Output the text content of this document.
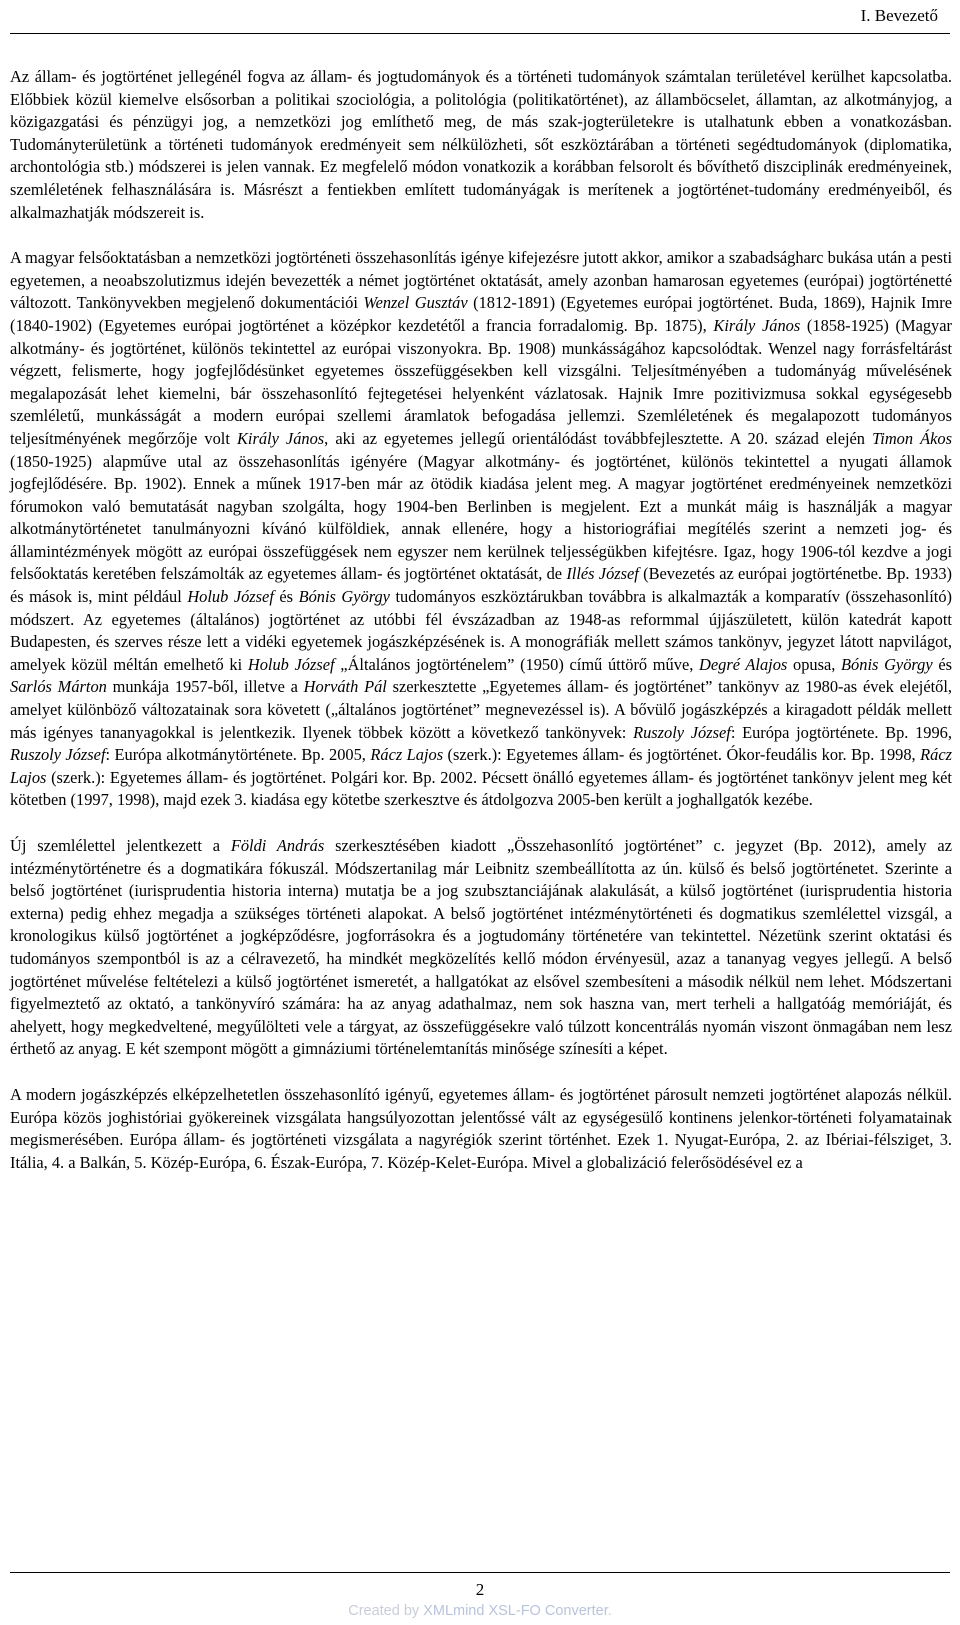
I. Bevezető

Az állam- és jogtörténet jellegénél fogva az állam- és jogtudományok és a történeti tudományok számtalan területével kerülhet kapcsolatba. Előbbiek közül kiemelve elsősorban a politikai szociológia, a politológia (politikatörténet), az államböcselet, államtan, az alkotmányjog, a közigazgatási és pénzügyi jog, a nemzetközi jog említhető meg, de más szak-jogterületekre is utalhatunk ebben a vonatkozásban. Tudományterületünk a történeti tudományok eredményeit sem nélkülözheti, sőt eszköztárában a történeti segédtudományok (diplomatika, archontológia stb.) módszerei is jelen vannak. Ez megfelelő módon vonatkozik a korábban felsorolt és bővíthető diszciplinák eredményeinek, szemléletének felhasználására is. Másrészt a fentiekben említett tudományágak is merítenek a jogtörténet-tudomány eredményeiből, és alkalmazhatják módszereit is.

A magyar felsőoktatásban a nemzetközi jogtörténeti összehasonlítás igénye kifejezésre jutott akkor, amikor a szabadságharc bukása után a pesti egyetemen, a neoabszolutizmus idején bevezették a német jogtörténet oktatását, amely azonban hamarosan egyetemes (európai) jogtörténetté változott. Tankönyvekben megjelenő dokumentációi Wenzel Gusztáv (1812-1891) (Egyetemes európai jogtörténet. Buda, 1869), Hajnik Imre (1840-1902) (Egyetemes európai jogtörténet a középkor kezdetétől a francia forradalomig. Bp. 1875), Király János (1858-1925) (Magyar alkotmány- és jogtörténet, különös tekintettel az európai viszonyokra. Bp. 1908) munkásságához kapcsolódtak. Wenzel nagy forrásfeltárást végzett, felismerte, hogy jogfejlődésünket egyetemes összefüggésekben kell vizsgálni. Teljesítményében a tudományág művelésének megalapozását lehet kiemelni, bár összehasonlító fejtegetései helyenként vázlatosak. Hajnik Imre pozitivizmusa sokkal egységesebb szemléletű, munkásságát a modern európai szellemi áramlatok befogadása jellemzi. Szemléletének és megalapozott tudományos teljesítményének megőrzője volt Király János, aki az egyetemes jellegű orientálódást továbbfejlesztette. A 20. század elején Timon Ákos (1850-1925) alapműve utal az összehasonlítás igényére (Magyar alkotmány- és jogtörténet, különös tekintettel a nyugati államok jogfejlődésére. Bp. 1902). Ennek a műnek 1917-ben már az ötödik kiadása jelent meg. A magyar jogtörténet eredményeinek nemzetközi fórumokon való bemutatását nagyban szolgálta, hogy 1904-ben Berlinben is megjelent. Ezt a munkát máig is használják a magyar alkotmánytörténetet tanulmányozni kívánó külföldiek, annak ellenére, hogy a historiográfiai megítélés szerint a nemzeti jog- és államintézmények mögött az európai összefüggések nem egyszer nem kerülnek teljességükben kifejtésre. Igaz, hogy 1906-tól kezdve a jogi felsőoktatás keretében felszámolták az egyetemes állam- és jogtörténet oktatását, de Illés József (Bevezetés az európai jogtörténetbe. Bp. 1933) és mások is, mint például Holub József és Bónis György tudományos eszköztárukban továbbra is alkalmazták a komparatív (összehasonlító) módszert. Az egyetemes (általános) jogtörténet az utóbbi fél évszázadban az 1948-as reformmal újjászületett, külön katedrát kapott Budapesten, és szerves része lett a vidéki egyetemek jogászképzésének is. A monográfiák mellett számos tankönyv, jegyzet látott napvilágot, amelyek közül méltán emelhető ki Holub József „Általános jogtörténelem” (1950) című úttörő műve, Degré Alajos opusa, Bónis György és Sarlós Márton munkája 1957-ből, illetve a Horváth Pál szerkesztette „Egyetemes állam- és jogtörténet” tankönyv az 1980-as évek elejétől, amelyet különböző változatainak sora követett („általános jogtörténet” megnevezéssel is). A bővülő jogászképzés a kiragadott példák mellett más igényes tananyagokkal is jelentkezik. Ilyenek többek között a következő tankönyvek: Ruszoly József: Európa jogtörténete. Bp. 1996, Ruszoly József: Európa alkotmánytörténete. Bp. 2005, Rácz Lajos (szerk.): Egyetemes állam- és jogtörténet. Ókor-feudális kor. Bp. 1998, Rácz Lajos (szerk.): Egyetemes állam- és jogtörténet. Polgári kor. Bp. 2002. Pécsett önálló egyetemes állam- és jogtörténet tankönyv jelent meg két kötetben (1997, 1998), majd ezek 3. kiadása egy kötetbe szerkesztve és átdolgozva 2005-ben került a joghallgatók kezébe.

Új szemlélettel jelentkezett a Földi András szerkesztésében kiadott „Összehasonlító jogtörténet” c. jegyzet (Bp. 2012), amely az intézménytörténetre és a dogmatikára fókuszál. Módszertanilag már Leibnitz szembeállította az ún. külső és belső jogtörténetet. Szerinte a belső jogtörténet (iurisprudentia historia interna) mutatja be a jog szubsztanciájának alakulását, a külső jogtörténet (iurisprudentia historia externa) pedig ehhez megadja a szükséges történeti alapokat. A belső jogtörténet intézménytörténeti és dogmatikus szemlélettel vizsgál, a kronologikus külső jogtörténet a jogképződésre, jogforrásokra és a jogtudomány történetére van tekintettel. Nézetünk szerint oktatási és tudományos szempontból is az a célravezető, ha mindkét megközelítés kellő módon érvényesül, azaz a tananyag vegyes jellegű. A belső jogtörténet művelése feltételezi a külső jogtörténet ismeretét, a hallgatókat az elsővel szembesíteni a második nélkül nem lehet. Módszertani figyelmeztető az oktató, a tankönyvíró számára: ha az anyag adathalmaz, nem sok haszna van, mert terheli a hallgatóág memóriáját, és ahelyett, hogy megkedveltené, megyűlölteti vele a tárgyat, az összefüggésekre való túlzott koncentrálás nyomán viszont önmagában nem lesz érthető az anyag. E két szempont mögött a gimnáziumi történelemtanítás minősége színesíti a képet.

A modern jogászképzés elképzelhetetlen összehasonlító igényű, egyetemes állam- és jogtörténet párosult nemzeti jogtörténet alapozás nélkül. Európa közös joghistóriai gyökereinek vizsgálata hangsúlyozottan jelentőssé vált az egységesülő kontinens jelenkor-történeti folyamatainak megismerésében. Európa állam- és jogtörténeti vizsgálata a nagyrégiók szerint történhet. Ezek 1. Nyugat-Európa, 2. az Ibériai-félsziget, 3. Itália, 4. a Balkán, 5. Közép-Európa, 6. Észak-Európa, 7. Közép-Kelet-Európa. Mivel a globalizáció felerősödésével ez a

2
Created by XMLmind XSL-FO Converter.
